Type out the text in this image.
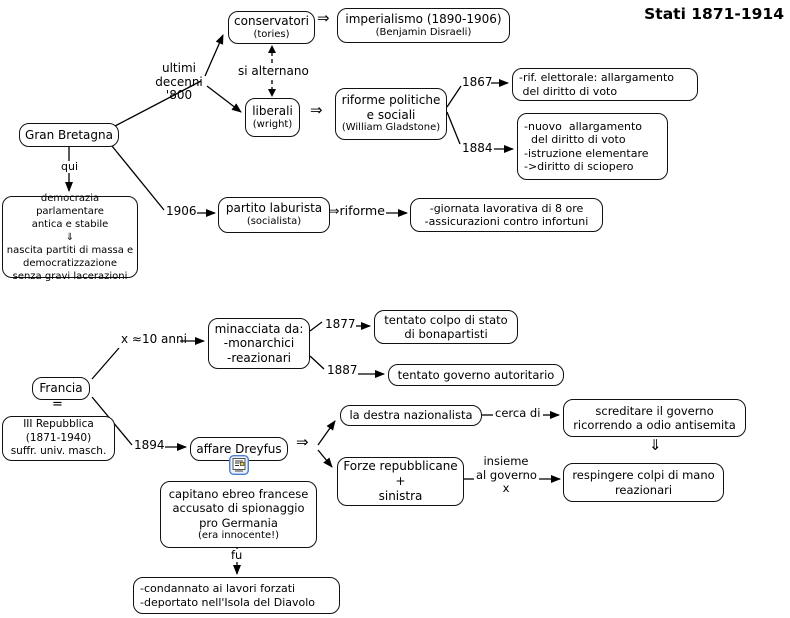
Stati 1871-1914
Gran Bretagna
ultimi
decenni
'800
conservatori
(tories)
⇒ imperialismo (1890-1906)
(Benjamin Disraeli)
si alternano
liberali
(wright)
⇒
riforme politiche
e sociali
(William Gladstone)
1867 -rif. elettorale: allargamento
del diritto di voto
1884
-nuovo  allargamento
del diritto di voto
-istruzione elementare
->diritto di sciopero
qui
democrazia parlamentare
antica e stabile
⇓
nascita partiti di massa e
democratizzazione
senza gravi lacerazioni
1906 partito laburista
(socialista)
⇒riforme	-giornata lavorativa di 8 ore
-assicurazioni contro infortuni
x ≈10 anni
minacciata da:
-monarchici
-reazionari
1877 tentato colpo di stato
di bonapartisti
1887	tentato governo autoritario
Francia
=
III Repubblica
(1871-1940)
suffr. univ. masch. 1894	affare Dreyfus ⇒
la destra nazionalista cerca di	screditare il governo
ricorrendo a odio antisemita
⇓
Forze repubblicane
+
sinistra
insieme
al governo
x
respingere colpi di mano
reazionari
capitano ebreo francese
accusato di spionaggio
pro Germania
(era innocente!)
fu
-condannato ai lavori forzati
-deportato nell'Isola del Diavolo
